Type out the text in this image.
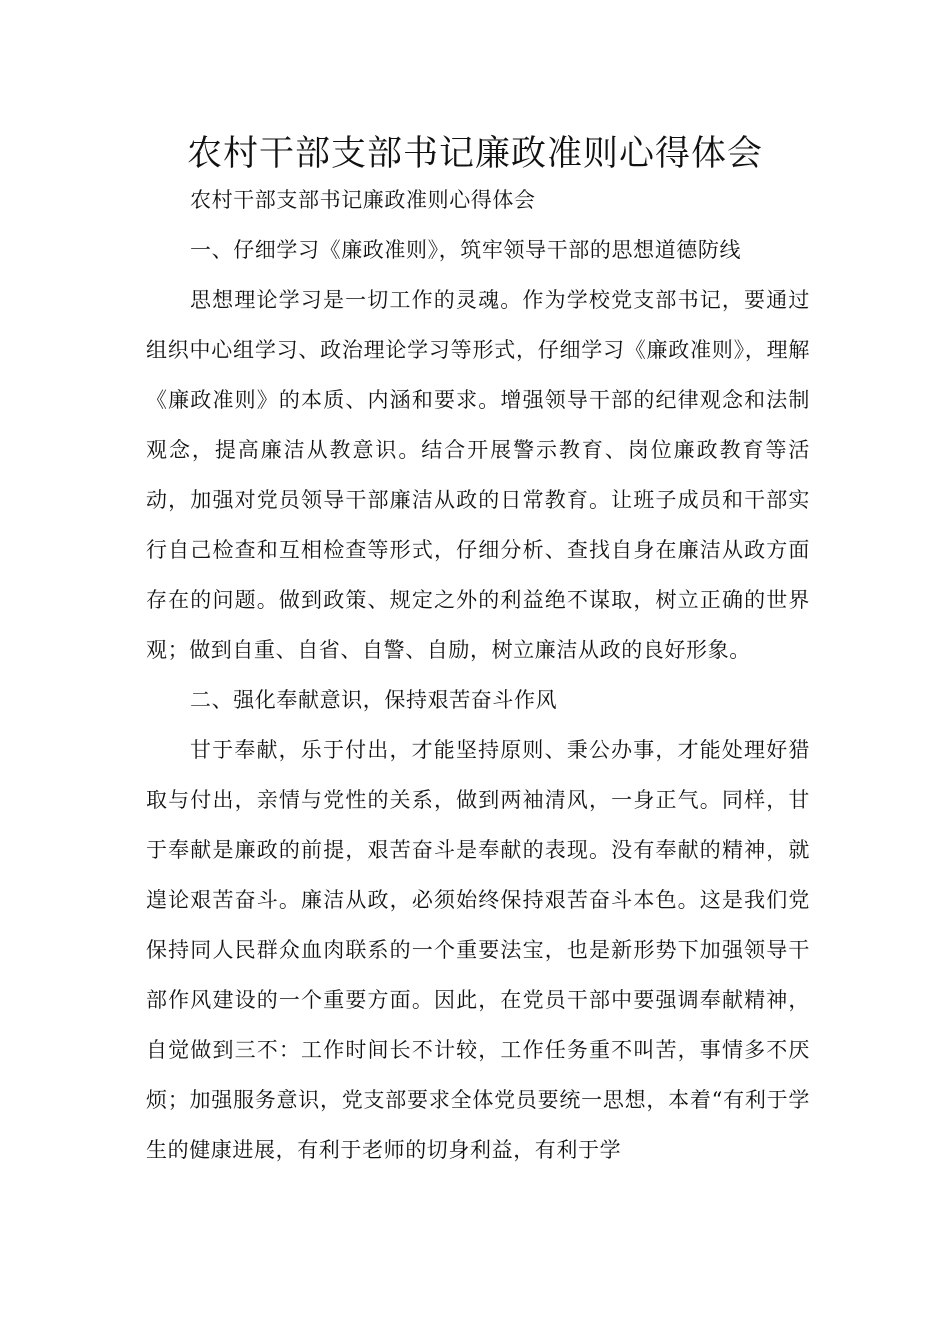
农村干部支部书记廉政准则心得体会

农村干部支部书记廉政准则心得体会

一、仔细学习《廉政准则》，筑牢领导干部的思想道德防线

思想理论学习是一切工作的灵魂。作为学校党支部书记，要通过组织中心组学习、政治理论学习等形式，仔细学习《廉政准则》，理解《廉政准则》的本质、内涵和要求。增强领导干部的纪律观念和法制观念，提高廉洁从教意识。结合开展警示教育、岗位廉政教育等活动，加强对党员领导干部廉洁从政的日常教育。让班子成员和干部实行自己检查和互相检查等形式，仔细分析、查找自身在廉洁从政方面存在的问题。做到政策、规定之外的利益绝不谋取，树立正确的世界观；做到自重、自省、自警、自励，树立廉洁从政的良好形象。

二、强化奉献意识，保持艰苦奋斗作风

甘于奉献，乐于付出，才能坚持原则、秉公办事，才能处理好猎取与付出，亲情与党性的关系，做到两袖清风，一身正气。同样，甘于奉献是廉政的前提，艰苦奋斗是奉献的表现。没有奉献的精神，就遑论艰苦奋斗。廉洁从政，必须始终保持艰苦奋斗本色。这是我们党保持同人民群众血肉联系的一个重要法宝，也是新形势下加强领导干部作风建设的一个重要方面。因此，在党员干部中要强调奉献精神，自觉做到三不：工作时间长不计较，工作任务重不叫苦，事情多不厌烦；加强服务意识，党支部要求全体党员要统一思想，本着“有利于学生的健康进展，有利于老师的切身利益，有利于学
